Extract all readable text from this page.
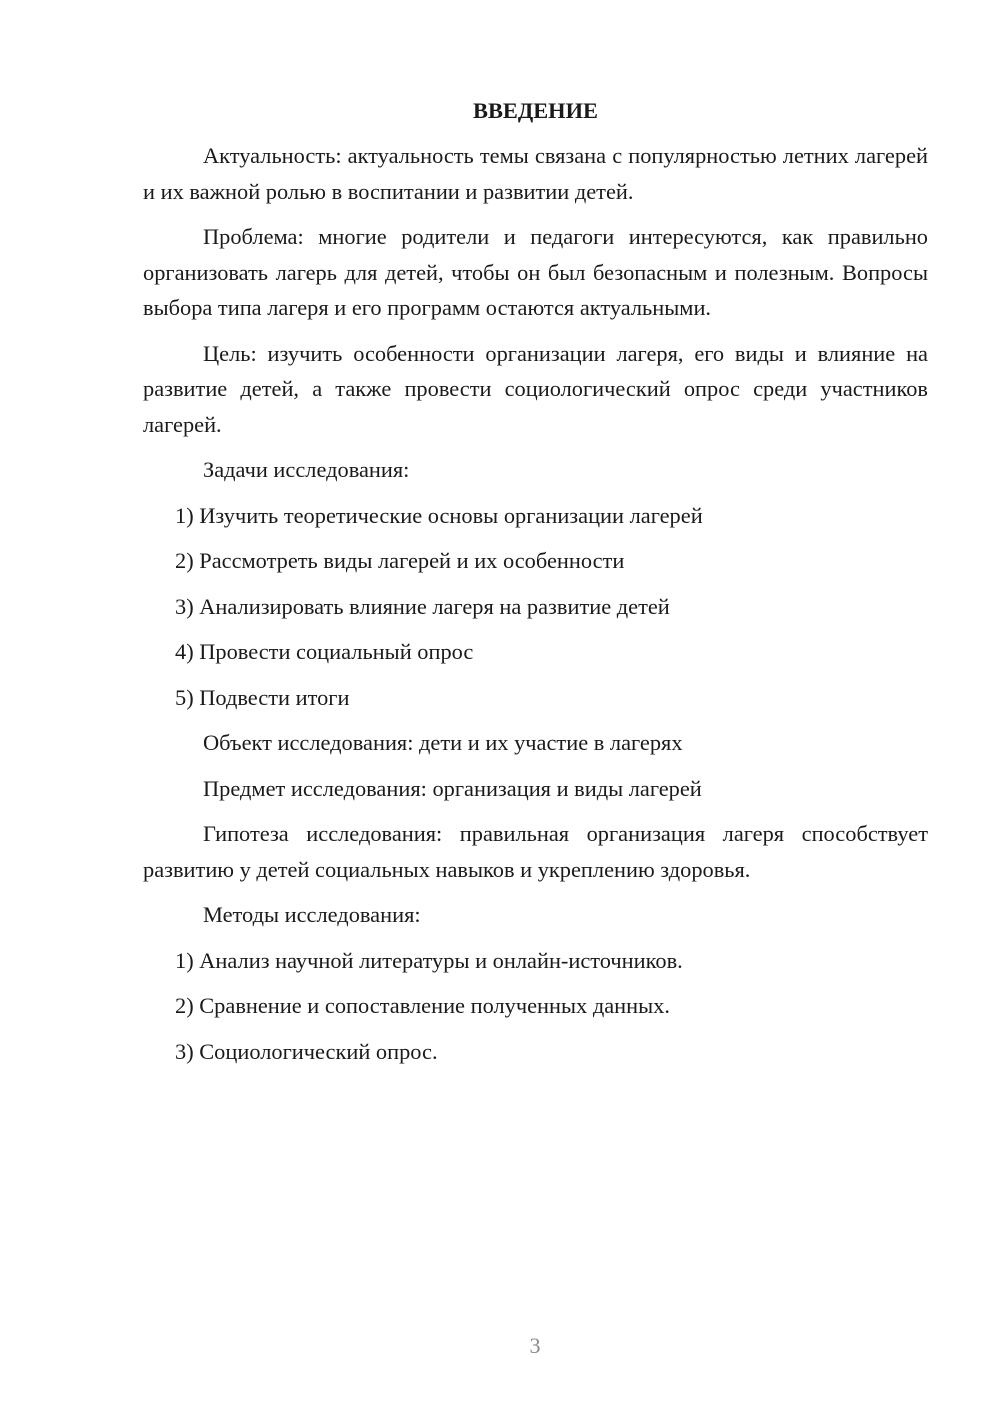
ВВЕДЕНИЕ

Актуальность: актуальность темы связана с популярностью летних лагерей и их важной ролью в воспитании и развитии детей.

Проблема: многие родители и педагоги интересуются, как правильно организовать лагерь для детей, чтобы он был безопасным и полезным. Вопросы выбора типа лагеря и его программ остаются актуальными.

Цель: изучить особенности организации лагеря, его виды и влияние на развитие детей, а также провести социологический опрос среди участников лагерей.

Задачи исследования:
1) Изучить теоретические основы организации лагерей
2) Рассмотреть виды лагерей и их особенности
3) Анализировать влияние лагеря на развитие детей
4) Провести социальный опрос
5) Подвести итоги
Объект исследования: дети и их участие в лагерях
Предмет исследования: организация и виды лагерей

Гипотеза исследования: правильная организация лагеря способствует развитию у детей социальных навыков и укреплению здоровья.

Методы исследования:
1) Анализ научной литературы и онлайн-источников.
2) Сравнение и сопоставление полученных данных.
3) Социологический опрос.
3
